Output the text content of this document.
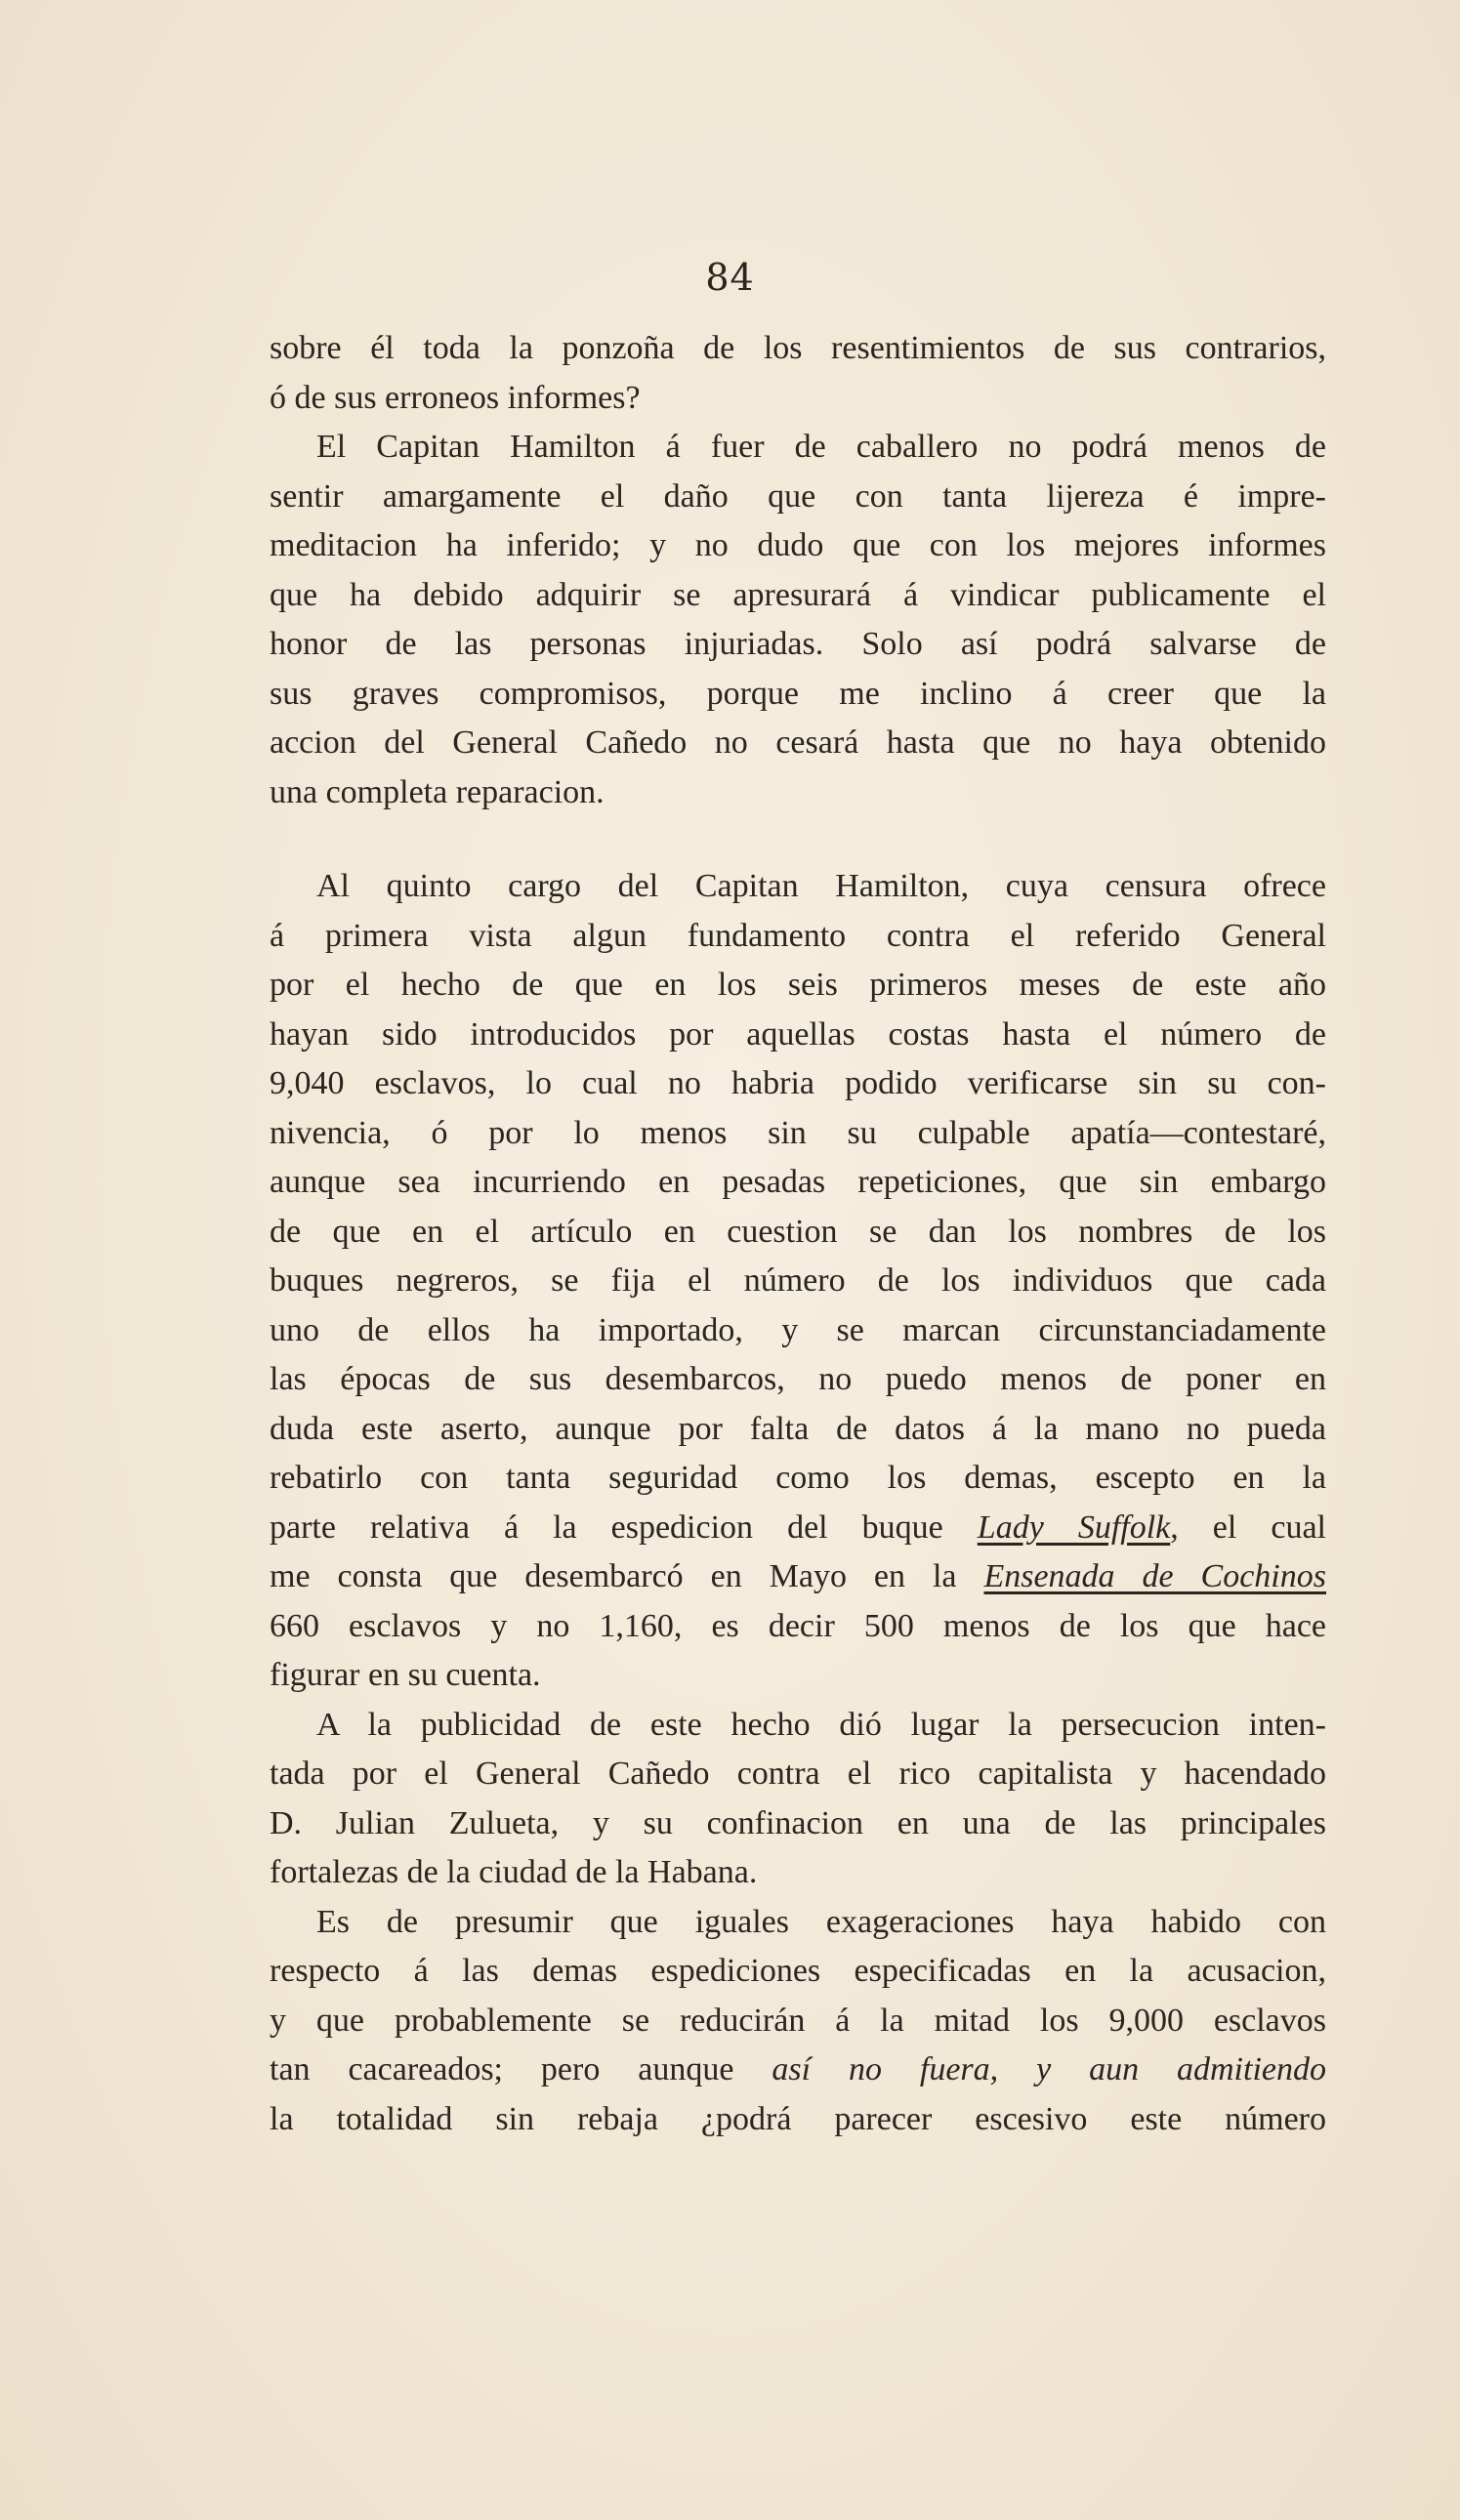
84

sobre él toda la ponzoña de los resentimientos de sus contrarios,
ó de sus erroneos informes?

El Capitan Hamilton á fuer de caballero no podrá menos de
sentir amargamente el daño que con tanta lijereza é impre-
meditacion ha inferido; y no dudo que con los mejores informes
que ha debido adquirir se apresurará á vindicar publicamente el
honor de las personas injuriadas. Solo así podrá salvarse de
sus graves compromisos, porque me inclino á creer que la
accion del General Cañedo no cesará hasta que no haya obtenido
una completa reparacion.

Al quinto cargo del Capitan Hamilton, cuya censura ofrece
á primera vista algun fundamento contra el referido General
por el hecho de que en los seis primeros meses de este año
hayan sido introducidos por aquellas costas hasta el número de
9,040 esclavos, lo cual no habria podido verificarse sin su con-
nivencia, ó por lo menos sin su culpable apatía—contestaré,
aunque sea incurriendo en pesadas repeticiones, que sin embargo
de que en el artículo en cuestion se dan los nombres de los
buques negreros, se fija el número de los individuos que cada
uno de ellos ha importado, y se marcan circunstanciadamente
las épocas de sus desembarcos, no puedo menos de poner en
duda este aserto, aunque por falta de datos á la mano no pueda
rebatirlo con tanta seguridad como los demas, escepto en la
parte relativa á la espedicion del buque Lady Suffolk, el cual
me consta que desembarcó en Mayo en la Ensenada de Cochinos
660 esclavos y no 1,160, es decir 500 menos de los que hace
figurar en su cuenta.

A la publicidad de este hecho dió lugar la persecucion inten-
tada por el General Cañedo contra el rico capitalista y hacendado
D. Julian Zulueta, y su confinacion en una de las principales
fortalezas de la ciudad de la Habana.

Es de presumir que iguales exageraciones haya habido con
respecto á las demas espediciones especificadas en la acusacion,
y que probablemente se reducirán á la mitad los 9,000 esclavos
tan cacareados; pero aunque así no fuera, y aun admitiendo
la totalidad sin rebaja ¿podrá parecer escesivo este número
